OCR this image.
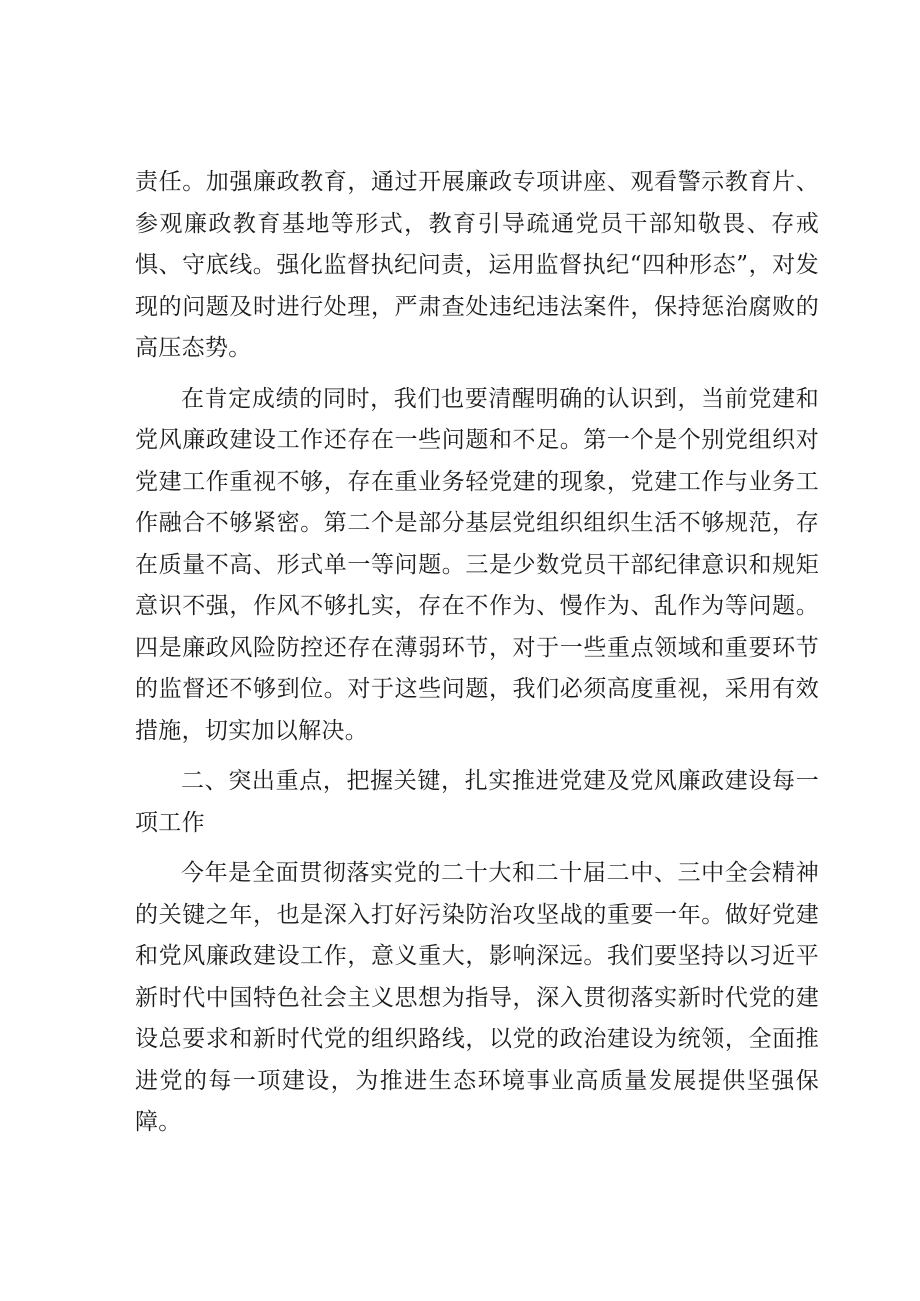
责任。加强廉政教育，通过开展廉政专项讲座、观看警示教育片、参观廉政教育基地等形式，教育引导疏通党员干部知敬畏、存戒惧、守底线。强化监督执纪问责，运用监督执纪“四种形态”，对发现的问题及时进行处理，严肃查处违纪违法案件，保持惩治腐败的高压态势。

在肯定成绩的同时，我们也要清醒明确的认识到，当前党建和党风廉政建设工作还存在一些问题和不足。第一个是个别党组织对党建工作重视不够，存在重业务轻党建的现象，党建工作与业务工作融合不够紧密。第二个是部分基层党组织组织生活不够规范，存在质量不高、形式单一等问题。三是少数党员干部纪律意识和规矩意识不强，作风不够扎实，存在不作为、慢作为、乱作为等问题。四是廉政风险防控还存在薄弱环节，对于一些重点领域和重要环节的监督还不够到位。对于这些问题，我们必须高度重视，采用有效措施，切实加以解决。

二、突出重点，把握关键，扎实推进党建及党风廉政建设每一项工作

今年是全面贯彻落实党的二十大和二十届二中、三中全会精神的关键之年，也是深入打好污染防治攻坚战的重要一年。做好党建和党风廉政建设工作，意义重大，影响深远。我们要坚持以习近平新时代中国特色社会主义思想为指导，深入贯彻落实新时代党的建设总要求和新时代党的组织路线，以党的政治建设为统领，全面推进党的每一项建设，为推进生态环境事业高质量发展提供坚强保障。
